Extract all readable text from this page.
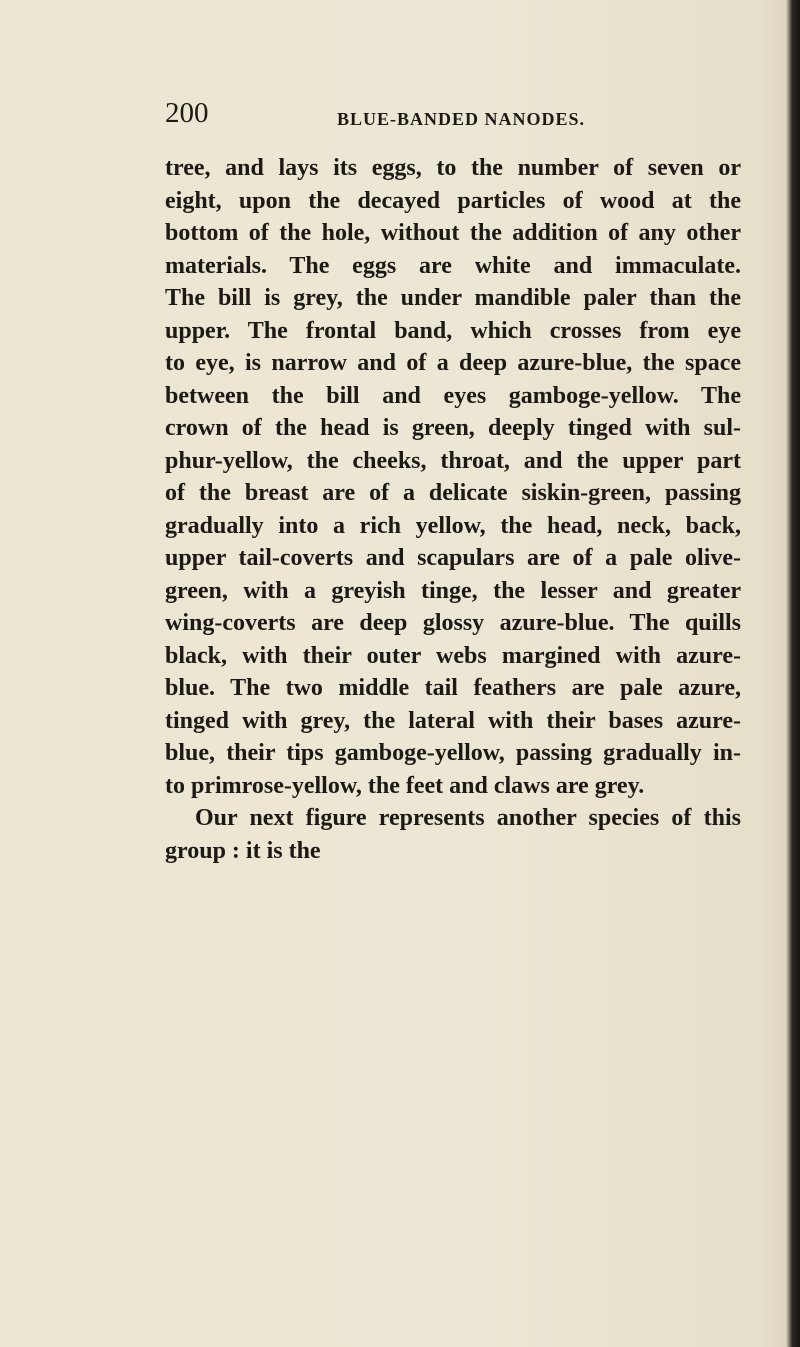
200	BLUE-BANDED NANODES.

tree, and lays its eggs, to the number of seven or
eight, upon the decayed particles of wood at the
bottom of the hole, without the addition of any other
materials. The eggs are white and immaculate.
The bill is grey, the under mandible paler than the
upper. The frontal band, which crosses from eye
to eye, is narrow and of a deep azure-blue, the space
between the bill and eyes gamboge-yellow. The
crown of the head is green, deeply tinged with sul-
phur-yellow, the cheeks, throat, and the upper part
of the breast are of a delicate siskin-green, passing
gradually into a rich yellow, the head, neck, back,
upper tail-coverts and scapulars are of a pale olive-
green, with a greyish tinge, the lesser and greater
wing-coverts are deep glossy azure-blue. The quills
black, with their outer webs margined with azure-
blue. The two middle tail feathers are pale azure,
tinged with grey, the lateral with their bases azure-
blue, their tips gamboge-yellow, passing gradually in-
to primrose-yellow, the feet and claws are grey.

Our next figure represents another species of this
group : it is the
